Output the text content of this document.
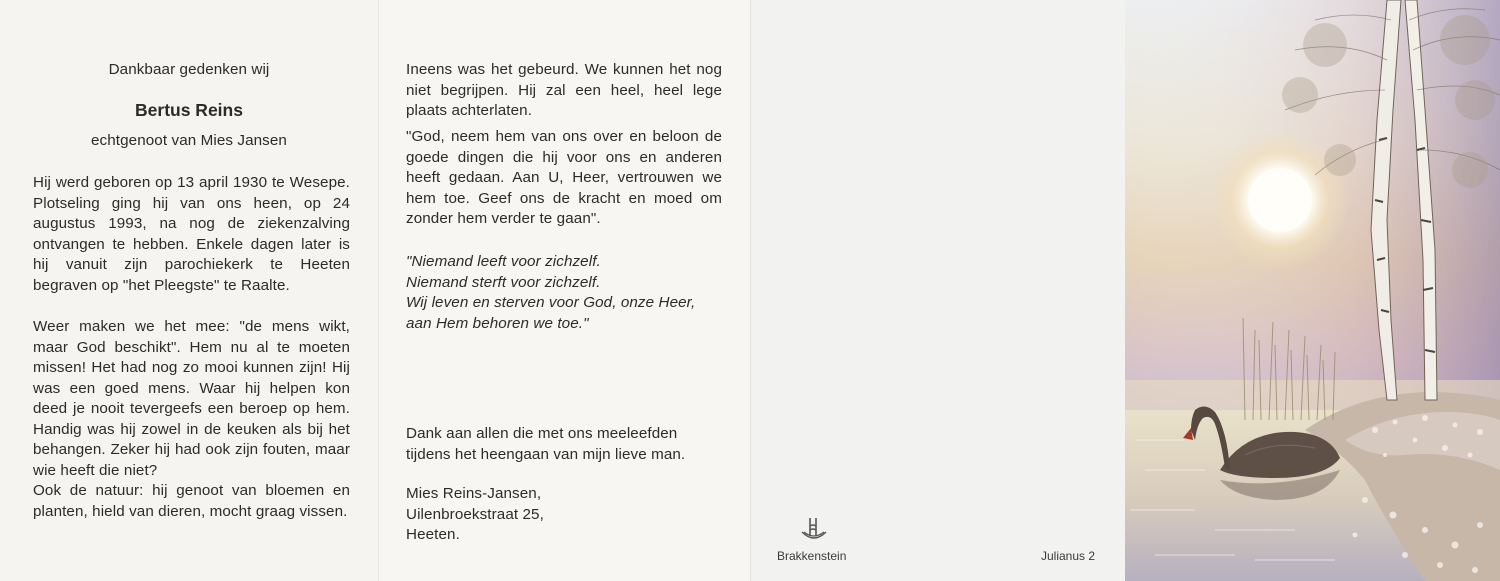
Dankbaar gedenken wij
Bertus Reins
echtgenoot van Mies Jansen
Hij werd geboren op 13 april 1930 te Wesepe. Plotseling ging hij van ons heen, op 24 augustus 1993, na nog de ziekenzalving ontvangen te hebben. Enkele dagen later is hij vanuit zijn parochiekerk te Heeten begraven op "het Pleegste" te Raalte.

Weer maken we het mee: "de mens wikt, maar God beschikt". Hem nu al te moeten missen! Het had nog zo mooi kunnen zijn! Hij was een goed mens. Waar hij helpen kon deed je nooit tevergeefs een beroep op hem. Handig was hij zowel in de keuken als bij het behangen. Zeker hij had ook zijn fouten, maar wie heeft die niet?

Ook de natuur: hij genoot van bloemen en planten, hield van dieren, mocht graag vissen.

Ineens was het gebeurd. We kunnen het nog niet begrijpen. Hij zal een heel, heel lege plaats achterlaten.

"God, neem hem van ons over en beloon de goede dingen die hij voor ons en anderen heeft gedaan. Aan U, Heer, vertrouwen we hem toe. Geef ons de kracht en moed om zonder hem verder te gaan".

"Niemand leeft voor zichzelf.
Niemand sterft voor zichzelf.
Wij leven en sterven voor God, onze Heer,
aan Hem behoren we toe."

Dank aan allen die met ons meeleefden tijdens het heengaan van mijn lieve man.

Mies Reins-Jansen,
Uilenbroekstraat 25,
Heeten.
Brakkenstein	Julianus 2
